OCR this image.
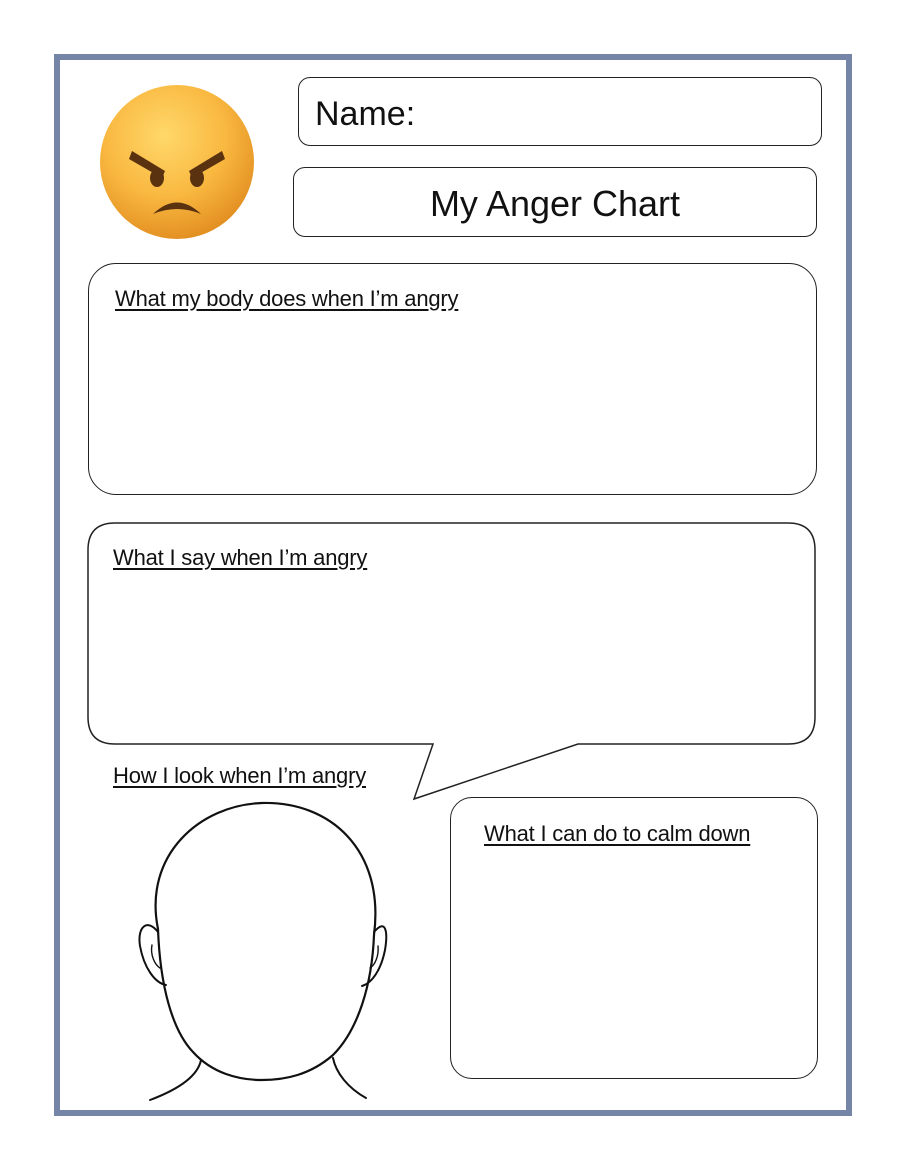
Name:
My Anger Chart
What my body does when I’m angry
What I say when I’m angry
How I look when I’m angry
What I can do to calm down
